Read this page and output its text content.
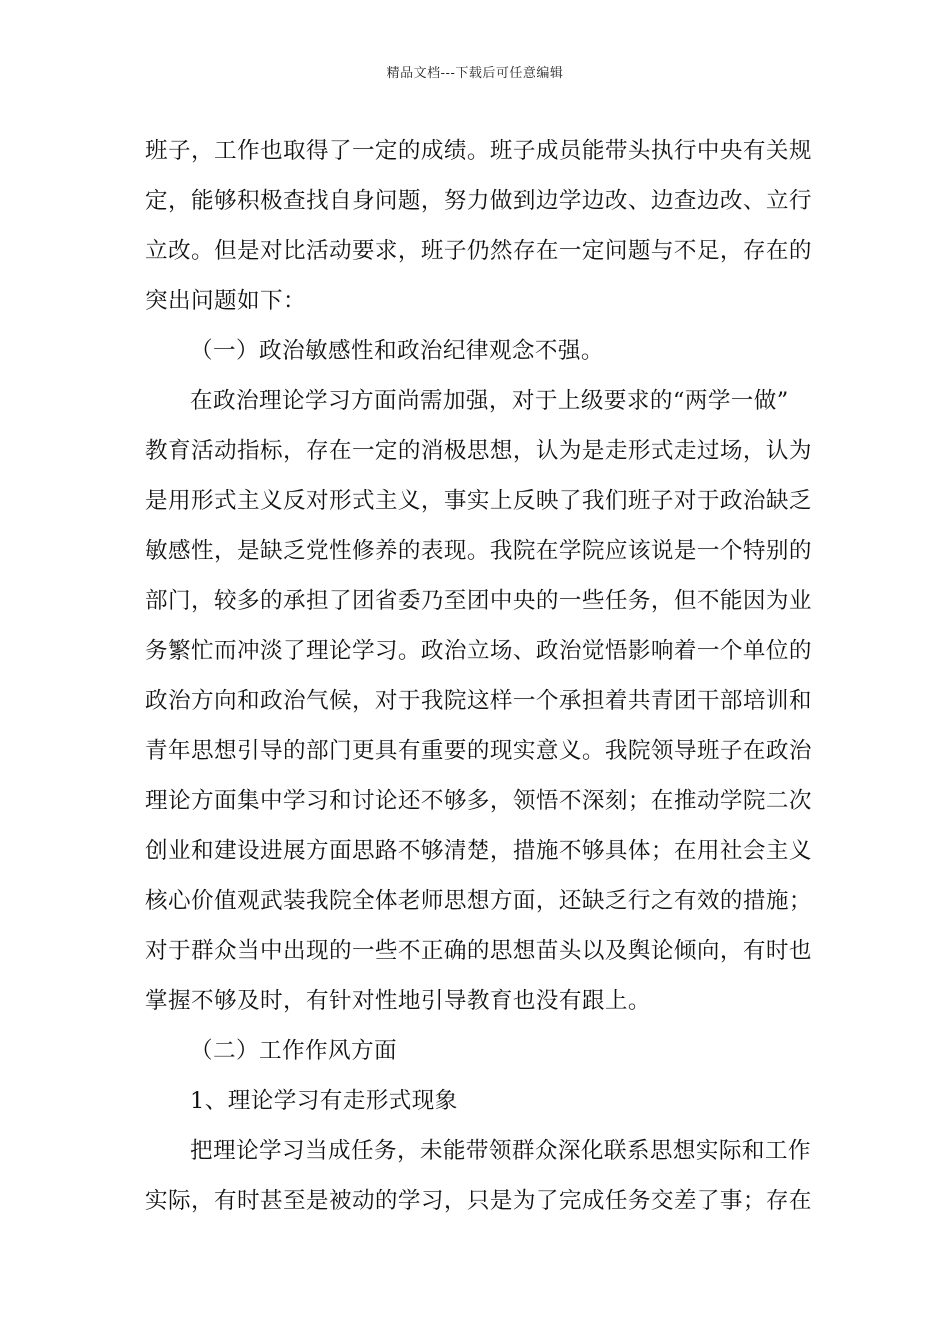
精品文档---下载后可任意编辑
班子，工作也取得了一定的成绩。班子成员能带头执行中央有关规
定，能够积极查找自身问题，努力做到边学边改、边查边改、立行
立改。但是对比活动要求，班子仍然存在一定问题与不足，存在的
突出问题如下：
（一）政治敏感性和政治纪律观念不强。
在政治理论学习方面尚需加强，对于上级要求的“两学一做”
教育活动指标，存在一定的消极思想，认为是走形式走过场，认为
是用形式主义反对形式主义，事实上反映了我们班子对于政治缺乏
敏感性，是缺乏党性修养的表现。我院在学院应该说是一个特别的
部门，较多的承担了团省委乃至团中央的一些任务，但不能因为业
务繁忙而冲淡了理论学习。政治立场、政治觉悟影响着一个单位的
政治方向和政治气候，对于我院这样一个承担着共青团干部培训和
青年思想引导的部门更具有重要的现实意义。我院领导班子在政治
理论方面集中学习和讨论还不够多，领悟不深刻；在推动学院二次
创业和建设进展方面思路不够清楚，措施不够具体；在用社会主义
核心价值观武装我院全体老师思想方面，还缺乏行之有效的措施；
对于群众当中出现的一些不正确的思想苗头以及舆论倾向，有时也
掌握不够及时，有针对性地引导教育也没有跟上。
（二）工作作风方面
1、理论学习有走形式现象
把理论学习当成任务，未能带领群众深化联系思想实际和工作
实际，有时甚至是被动的学习，只是为了完成任务交差了事；存在
